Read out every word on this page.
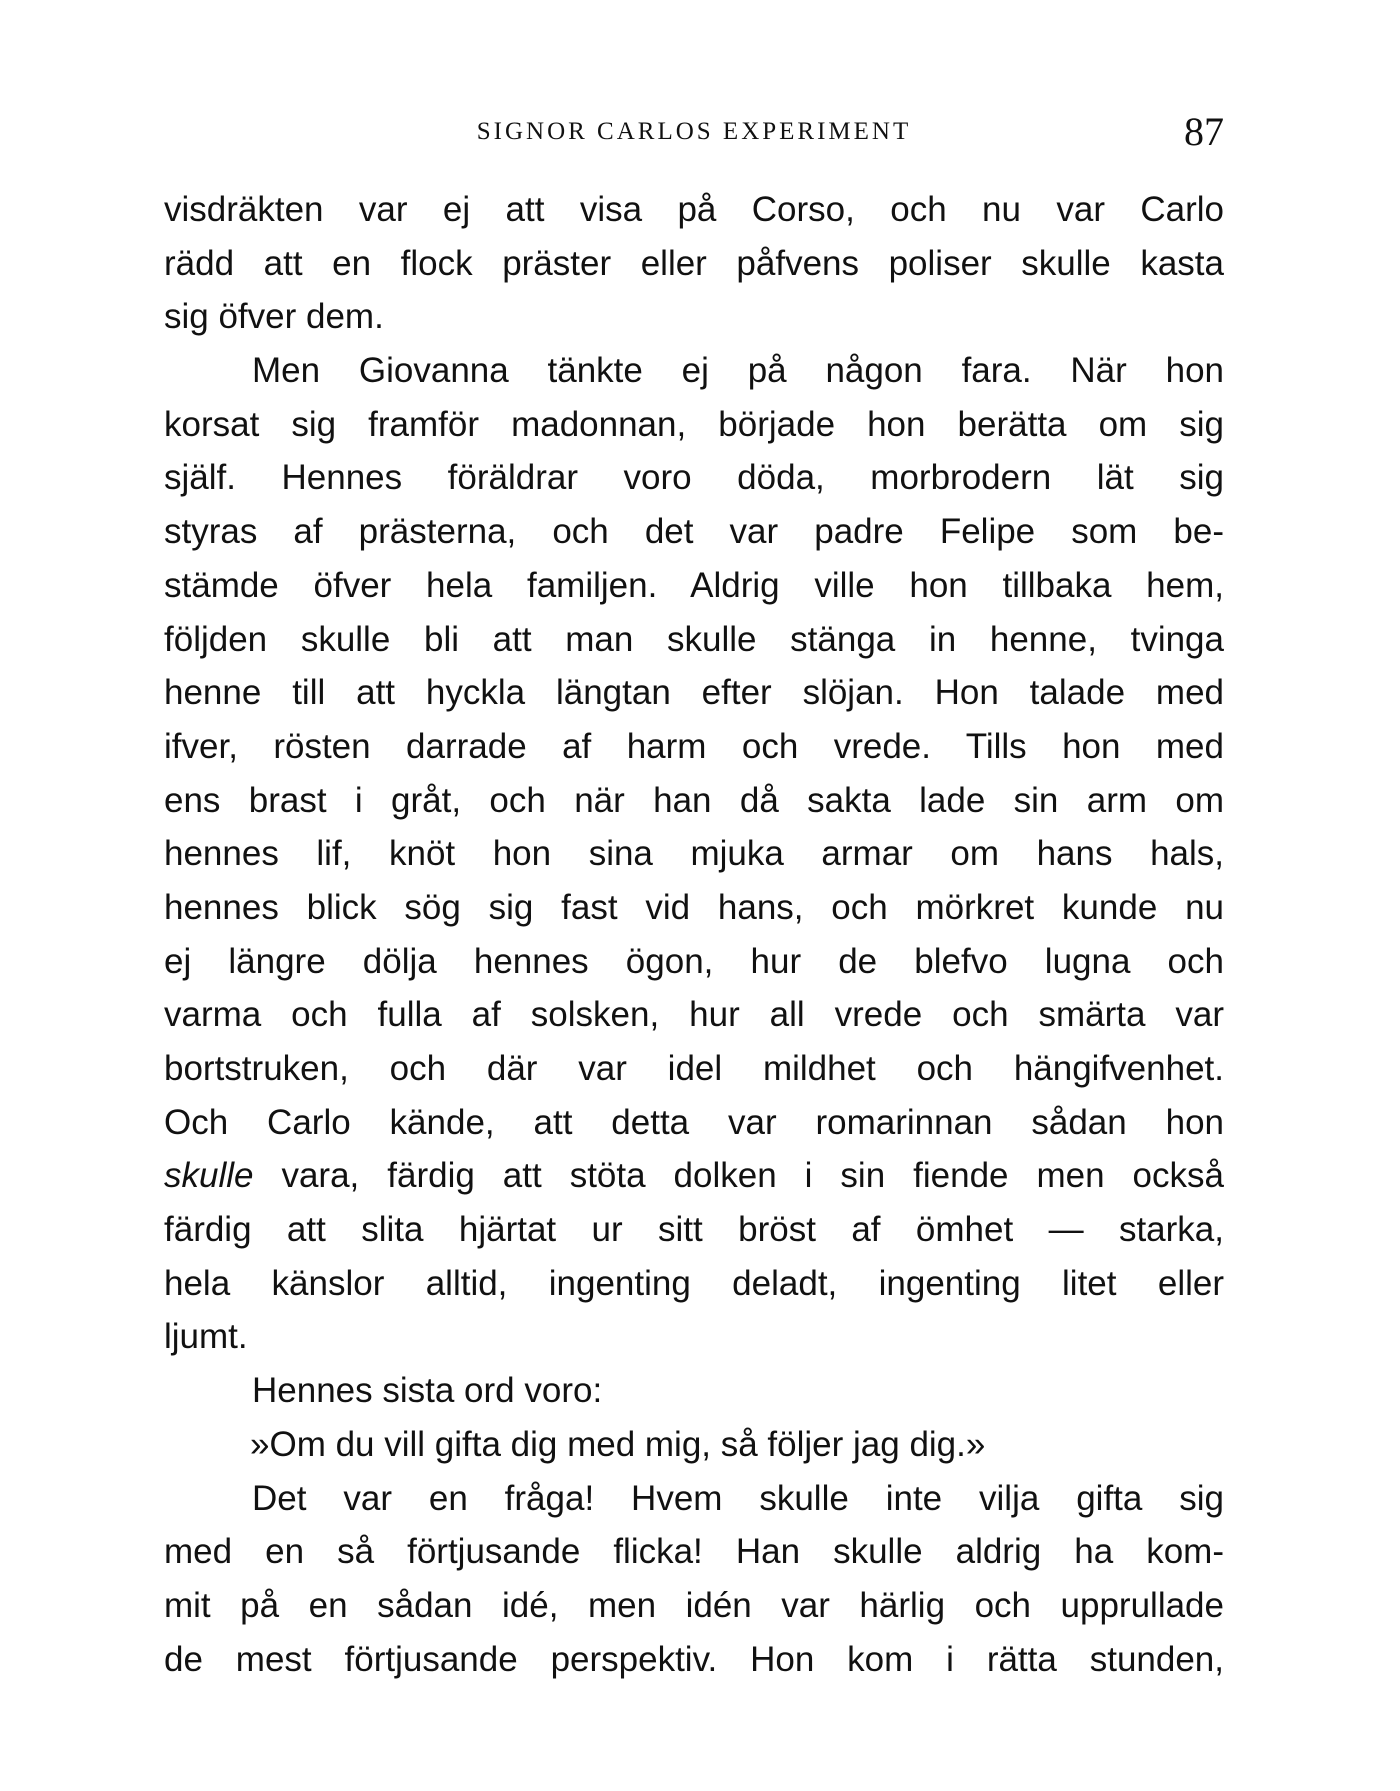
SIGNOR CARLOS EXPERIMENT	87
visdräkten var ej att visa på Corso, och nu var Carlo
rädd att en flock präster eller påfvens poliser skulle kasta
sig öfver dem.
Men Giovanna tänkte ej på någon fara. När hon
korsat sig framför madonnan, började hon berätta om sig
själf. Hennes föräldrar voro döda, morbrodern lät sig
styras af prästerna, och det var padre Felipe som be-
stämde öfver hela familjen. Aldrig ville hon tillbaka hem,
följden skulle bli att man skulle stänga in henne, tvinga
henne till att hyckla längtan efter slöjan. Hon talade med
ifver, rösten darrade af harm och vrede. Tills hon med
ens brast i gråt, och när han då sakta lade sin arm om
hennes lif, knöt hon sina mjuka armar om hans hals,
hennes blick sög sig fast vid hans, och mörkret kunde nu
ej längre dölja hennes ögon, hur de blefvo lugna och
varma och fulla af solsken, hur all vrede och smärta var
bortstruken, och där var idel mildhet och hängifvenhet.
Och Carlo kände, att detta var romarinnan sådan hon
skulle vara, färdig att stöta dolken i sin fiende men också
färdig att slita hjärtat ur sitt bröst af ömhet — starka,
hela känslor alltid, ingenting deladt, ingenting litet eller
ljumt.
Hennes sista ord voro:
»Om du vill gifta dig med mig, så följer jag dig.»
Det var en fråga! Hvem skulle inte vilja gifta sig
med en så förtjusande flicka! Han skulle aldrig ha kom-
mit på en sådan idé, men idén var härlig och upprullade
de mest förtjusande perspektiv. Hon kom i rätta stunden,
